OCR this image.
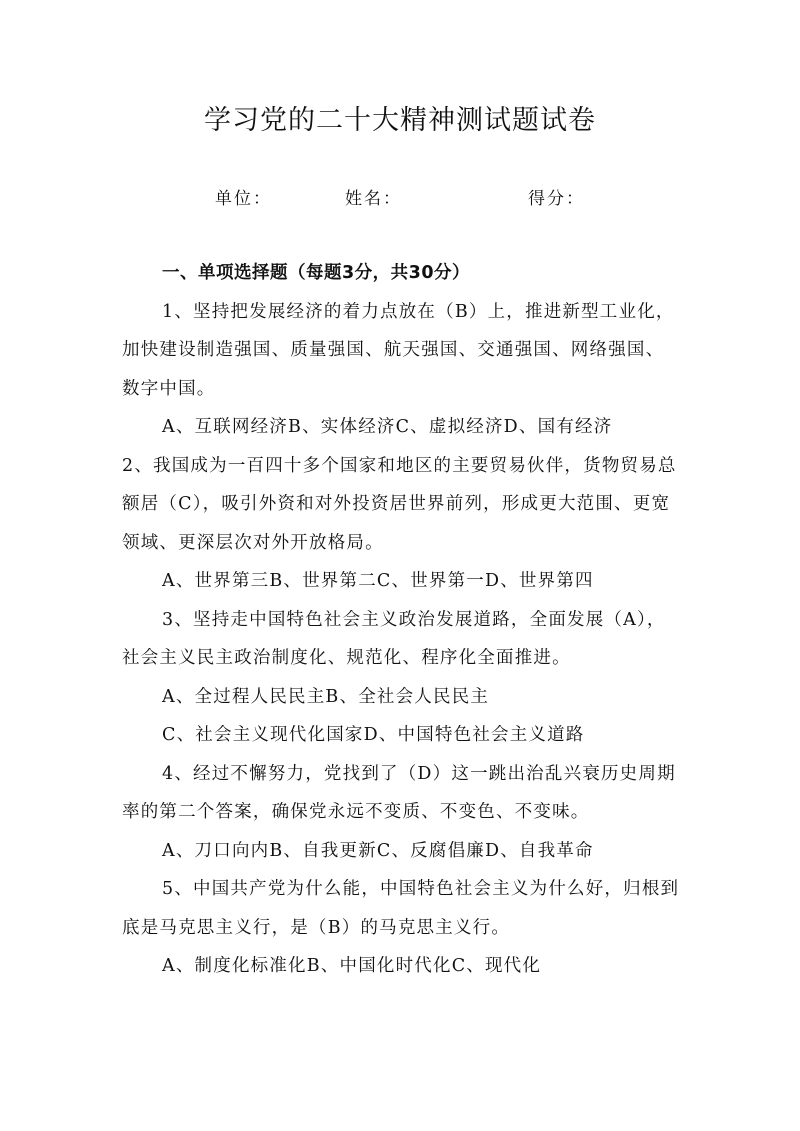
学习党的二十大精神测试题试卷
单位：	姓名：	得分：
一、单项选择题（每题3分，共30分）

1、坚持把发展经济的着力点放在（B）上，推进新型工业化，加快建设制造强国、质量强国、航天强国、交通强国、网络强国、数字中国。

A、互联网经济B、实体经济C、虚拟经济D、国有经济

2、我国成为一百四十多个国家和地区的主要贸易伙伴，货物贸易总额居（C），吸引外资和对外投资居世界前列，形成更大范围、更宽领域、更深层次对外开放格局。

A、世界第三B、世界第二C、世界第一D、世界第四

3、坚持走中国特色社会主义政治发展道路，全面发展（A），社会主义民主政治制度化、规范化、程序化全面推进。

A、全过程人民民主B、全社会人民民主
C、社会主义现代化国家D、中国特色社会主义道路

4、经过不懈努力，党找到了（D）这一跳出治乱兴衰历史周期率的第二个答案，确保党永远不变质、不变色、不变味。

A、刀口向内B、自我更新C、反腐倡廉D、自我革命

5、中国共产党为什么能，中国特色社会主义为什么好，归根到底是马克思主义行，是（B）的马克思主义行。

A、制度化标准化B、中国化时代化C、现代化
